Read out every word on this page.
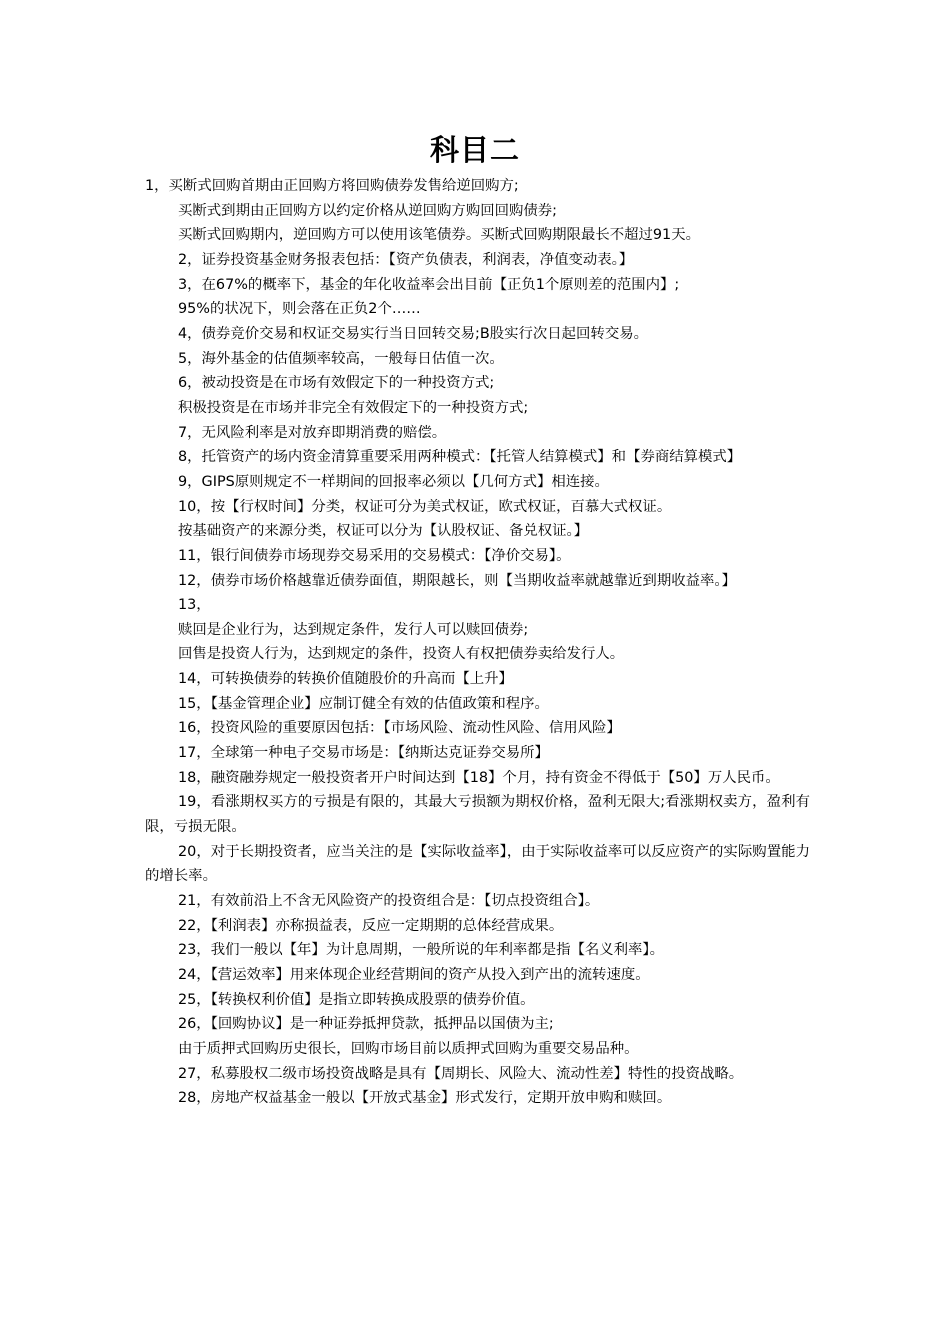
科目二

1，买断式回购首期由正回购方将回购债券发售给逆回购方;

买断式到期由正回购方以约定价格从逆回购方购回回购债券;

买断式回购期内，逆回购方可以使用该笔债券。买断式回购期限最长不超过91天。

2，证券投资基金财务报表包括：【资产负债表，利润表，净值变动表。】

3，在67%的概率下，基金的年化收益率会出目前【正负1个原则差的范围内】;

95%的状况下，则会落在正负2个……

4，债券竞价交易和权证交易实行当日回转交易;B股实行次日起回转交易。

5，海外基金的估值频率较高，一般每日估值一次。

6，被动投资是在市场有效假定下的一种投资方式;

积极投资是在市场并非完全有效假定下的一种投资方式;

7，无风险利率是对放弃即期消费的赔偿。

8，托管资产的场内资金清算重要采用两种模式：【托管人结算模式】和【券商结算模式】

9，GIPS原则规定不一样期间的回报率必须以【几何方式】相连接。

10，按【行权时间】分类，权证可分为美式权证，欧式权证，百慕大式权证。

按基础资产的来源分类，权证可以分为【认股权证、备兑权证。】

11，银行间债券市场现券交易采用的交易模式：【净价交易】。

12，债券市场价格越靠近债券面值，期限越长，则【当期收益率就越靠近到期收益率。】

13，

赎回是企业行为，达到规定条件，发行人可以赎回债券;

回售是投资人行为，达到规定的条件，投资人有权把债券卖给发行人。

14，可转换债券的转换价值随股价的升高而【上升】

15，【基金管理企业】应制订健全有效的估值政策和程序。

16，投资风险的重要原因包括：【市场风险、流动性风险、信用风险】

17，全球第一种电子交易市场是：【纳斯达克证券交易所】

18，融资融券规定一般投资者开户时间达到【18】个月，持有资金不得低于【50】万人民币。

19，看涨期权买方的亏损是有限的，其最大亏损额为期权价格，盈利无限大;看涨期权卖方，盈利有限，亏损无限。

20，对于长期投资者，应当关注的是【实际收益率】，由于实际收益率可以反应资产的实际购置能力的增长率。

21，有效前沿上不含无风险资产的投资组合是：【切点投资组合】。

22，【利润表】亦称损益表，反应一定期期的总体经营成果。

23，我们一般以【年】为计息周期，一般所说的年利率都是指【名义利率】。

24，【营运效率】用来体现企业经营期间的资产从投入到产出的流转速度。

25，【转换权利价值】是指立即转换成股票的债券价值。

26，【回购协议】是一种证券抵押贷款，抵押品以国债为主;

由于质押式回购历史很长，回购市场目前以质押式回购为重要交易品种。

27，私募股权二级市场投资战略是具有【周期长、风险大、流动性差】特性的投资战略。

28，房地产权益基金一般以【开放式基金】形式发行，定期开放申购和赎回。
